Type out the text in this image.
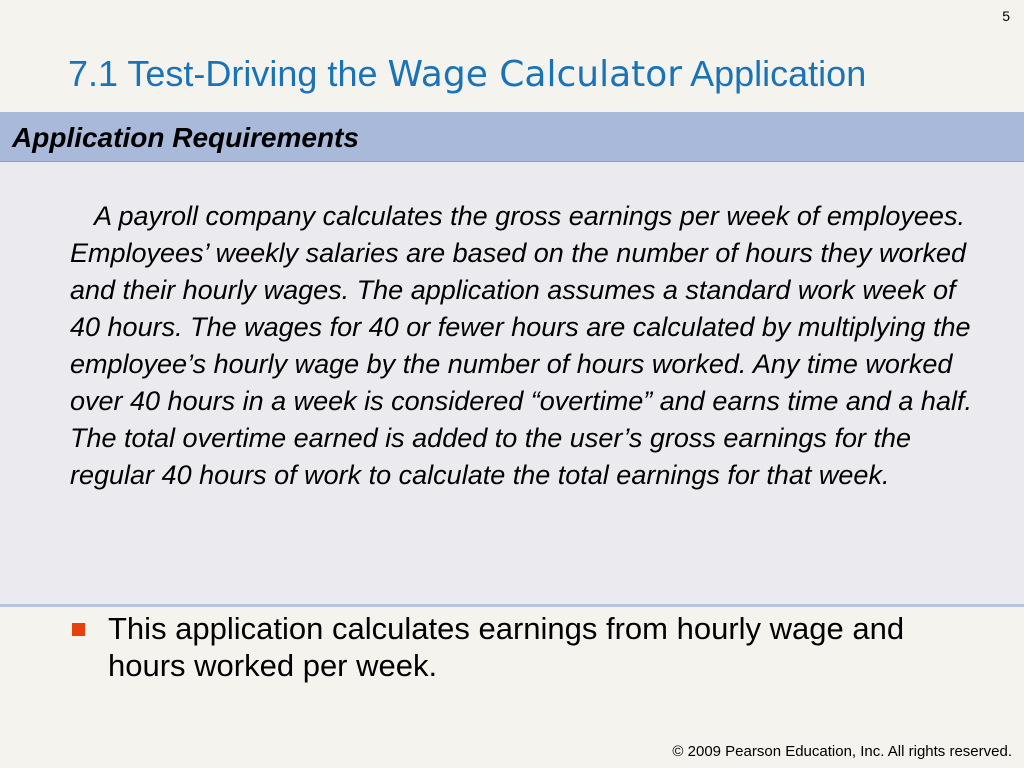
5
7.1 Test-Driving the Wage Calculator Application
Application Requirements

A payroll company calculates the gross earnings per week of employees. Employees’ weekly salaries are based on the number of hours they worked and their hourly wages. The application assumes a standard work week of 40 hours. The wages for 40 or fewer hours are calculated by multiplying the employee’s hourly wage by the number of hours worked. Any time worked over 40 hours in a week is considered “overtime” and earns time and a half. The total overtime earned is added to the user’s gross earnings for the regular 40 hours of work to calculate the total earnings for that week.

This application calculates earnings from hourly wage and hours worked per week.
© 2009 Pearson Education, Inc. All rights reserved.
